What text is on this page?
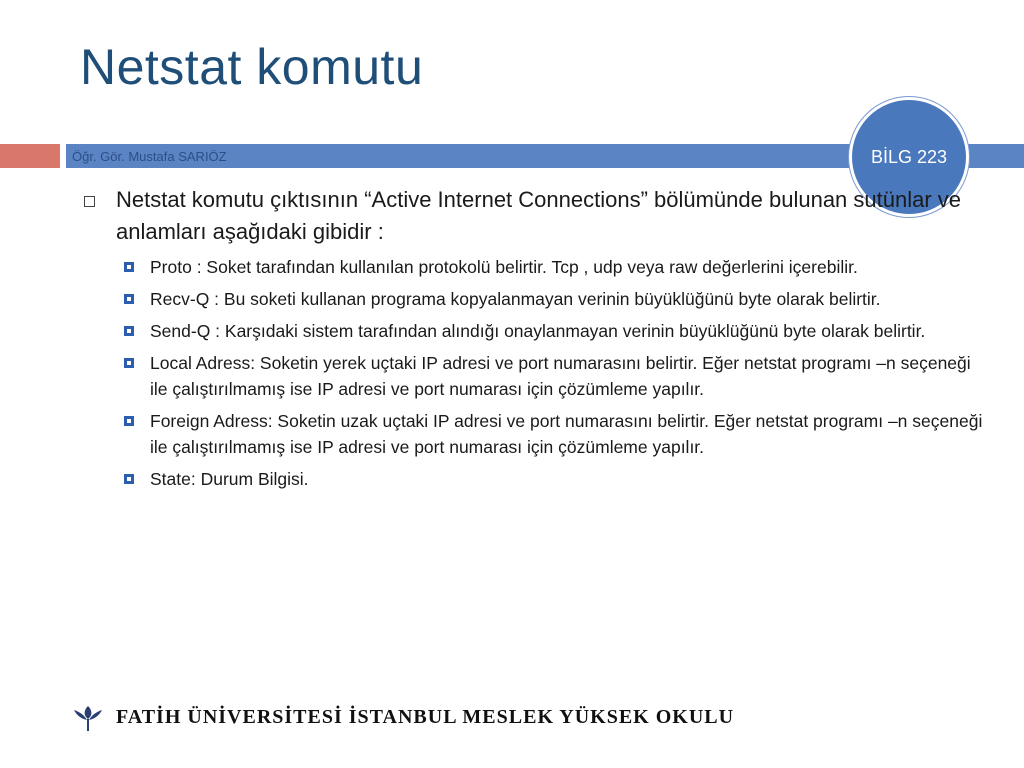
Netstat komutu
Öğr. Gör. Mustafa SARIÖZ	BİLG 223
Netstat komutu çıktısının “Active Internet Connections” bölümünde bulunan sutünlar ve anlamları aşağıdaki gibidir :
Proto : Soket tarafından kullanılan protokolü belirtir. Tcp , udp veya raw değerlerini içerebilir.
Recv-Q : Bu soketi kullanan programa kopyalanmayan verinin büyüklüğünü byte olarak belirtir.
Send-Q : Karşıdaki sistem tarafından alındığı onaylanmayan verinin büyüklüğünü byte olarak belirtir.
Local Adress: Soketin yerek uçtaki IP adresi ve port numarasını belirtir. Eğer netstat programı –n seçeneği ile çalıştırılmamış ise IP adresi ve port numarası için çözümleme yapılır.
Foreign Adress: Soketin uzak uçtaki IP adresi ve port numarasını belirtir. Eğer netstat programı –n seçeneği ile çalıştırılmamış ise IP adresi ve port numarası için çözümleme yapılır.
State: Durum Bilgisi.
FATİH ÜNİVERSİTESİ İSTANBUL MESLEK YÜKSEK OKULU
